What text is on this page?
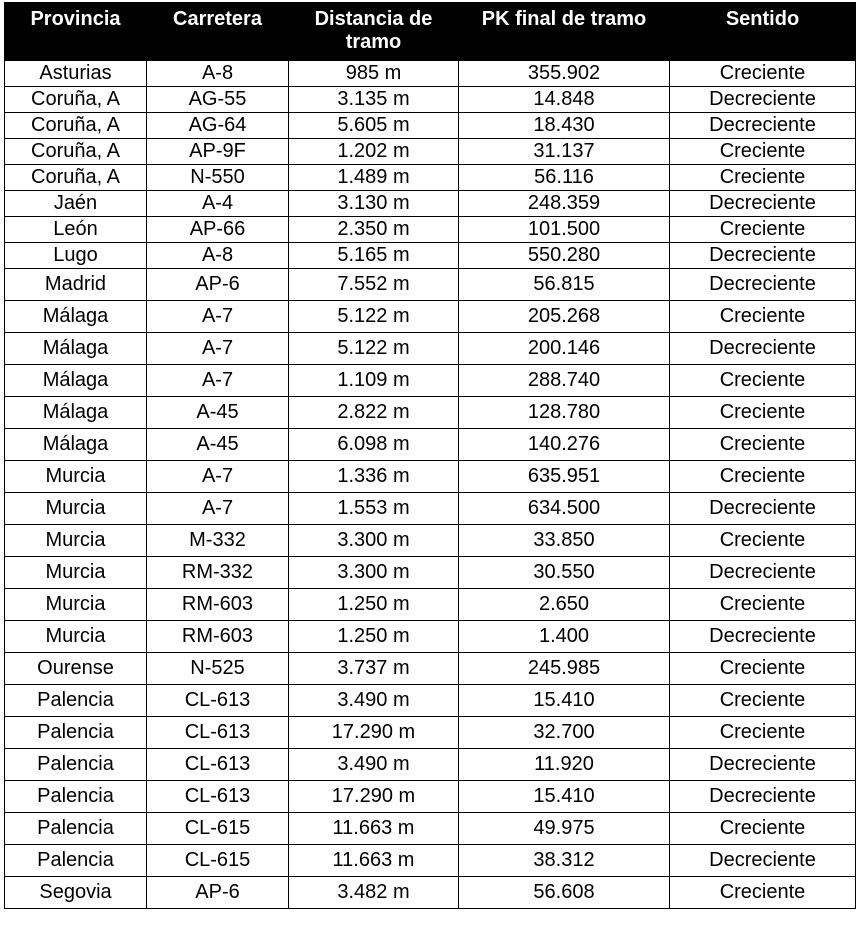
Provincia	Carretera	Distancia de tramo	PK final de tramo	Sentido
Asturias	A-8	985 m	355.902	Creciente
Coruña, A	AG-55	3.135 m	14.848	Decreciente
Coruña, A	AG-64	5.605 m	18.430	Decreciente
Coruña, A	AP-9F	1.202 m	31.137	Creciente
Coruña, A	N-550	1.489 m	56.116	Creciente
Jaén	A-4	3.130 m	248.359	Decreciente
León	AP-66	2.350 m	101.500	Creciente
Lugo	A-8	5.165 m	550.280	Decreciente
Madrid	AP-6	7.552 m	56.815	Decreciente
Málaga	A-7	5.122 m	205.268	Creciente
Málaga	A-7	5.122 m	200.146	Decreciente
Málaga	A-7	1.109 m	288.740	Creciente
Málaga	A-45	2.822 m	128.780	Creciente
Málaga	A-45	6.098 m	140.276	Creciente
Murcia	A-7	1.336 m	635.951	Creciente
Murcia	A-7	1.553 m	634.500	Decreciente
Murcia	M-332	3.300 m	33.850	Creciente
Murcia	RM-332	3.300 m	30.550	Decreciente
Murcia	RM-603	1.250 m	2.650	Creciente
Murcia	RM-603	1.250 m	1.400	Decreciente
Ourense	N-525	3.737 m	245.985	Creciente
Palencia	CL-613	3.490 m	15.410	Creciente
Palencia	CL-613	17.290 m	32.700	Creciente
Palencia	CL-613	3.490 m	11.920	Decreciente
Palencia	CL-613	17.290 m	15.410	Decreciente
Palencia	CL-615	11.663 m	49.975	Creciente
Palencia	CL-615	11.663 m	38.312	Decreciente
Segovia	AP-6	3.482 m	56.608	Creciente
